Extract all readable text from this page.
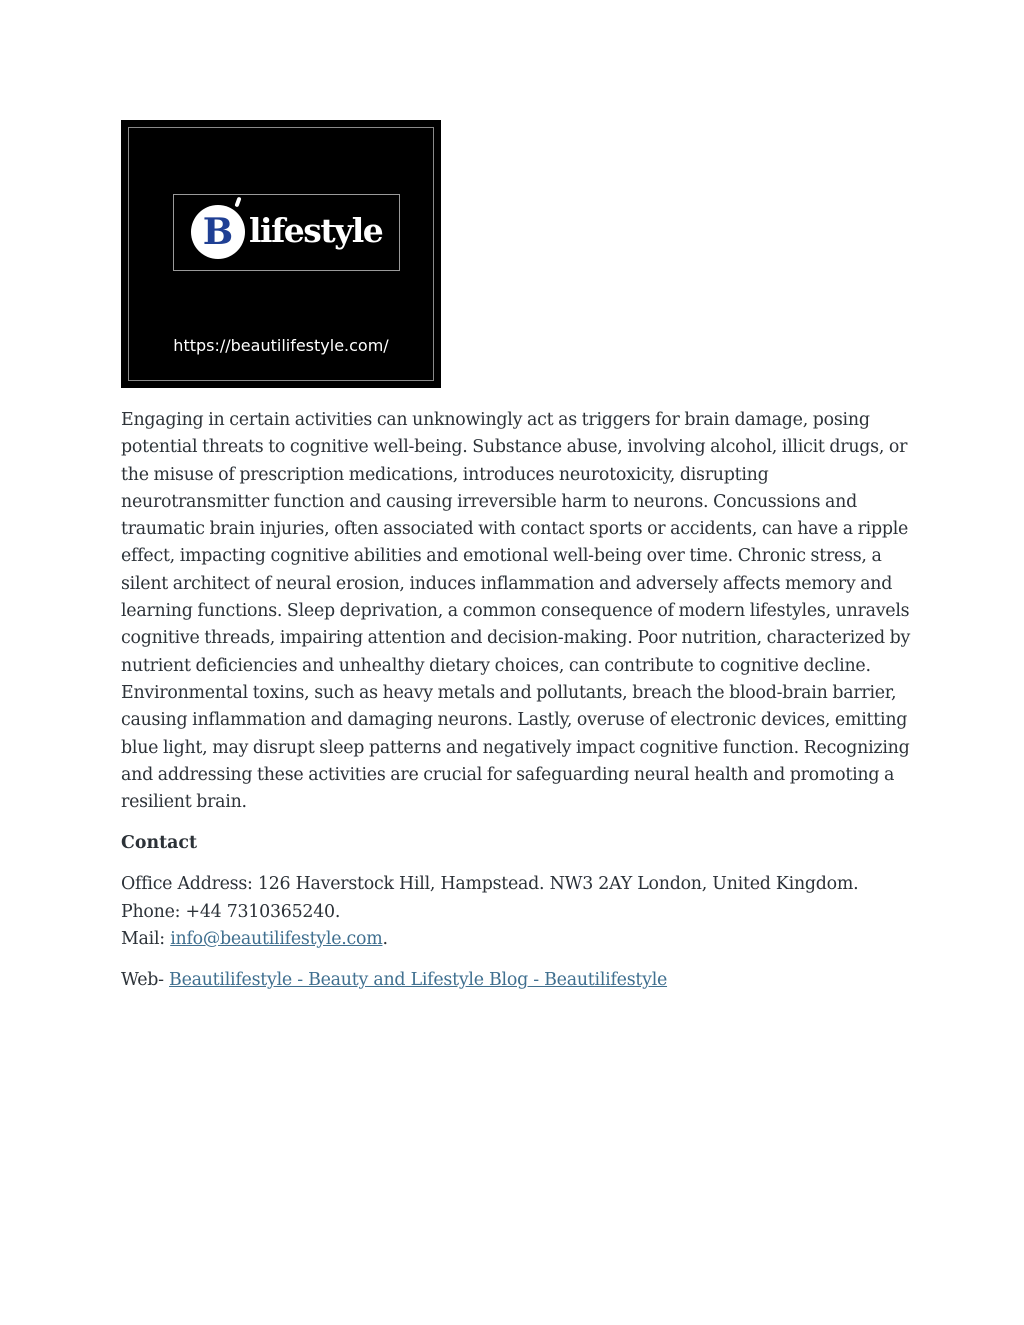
B lifestyle
https://beautilifestyle.com/

Engaging in certain activities can unknowingly act as triggers for brain damage, posing potential threats to cognitive well-being. Substance abuse, involving alcohol, illicit drugs, or the misuse of prescription medications, introduces neurotoxicity, disrupting neurotransmitter function and causing irreversible harm to neurons. Concussions and traumatic brain injuries, often associated with contact sports or accidents, can have a ripple effect, impacting cognitive abilities and emotional well-being over time. Chronic stress, a silent architect of neural erosion, induces inflammation and adversely affects memory and learning functions. Sleep deprivation, a common consequence of modern lifestyles, unravels cognitive threads, impairing attention and decision-making. Poor nutrition, characterized by nutrient deficiencies and unhealthy dietary choices, can contribute to cognitive decline. Environmental toxins, such as heavy metals and pollutants, breach the blood-brain barrier, causing inflammation and damaging neurons. Lastly, overuse of electronic devices, emitting blue light, may disrupt sleep patterns and negatively impact cognitive function. Recognizing and addressing these activities are crucial for safeguarding neural health and promoting a resilient brain.

Contact
Office Address: 126 Haverstock Hill, Hampstead. NW3 2AY London, United Kingdom.
Phone: +44 7310365240.
Mail: info@beautilifestyle.com.
Web- Beautilifestyle - Beauty and Lifestyle Blog - Beautilifestyle
